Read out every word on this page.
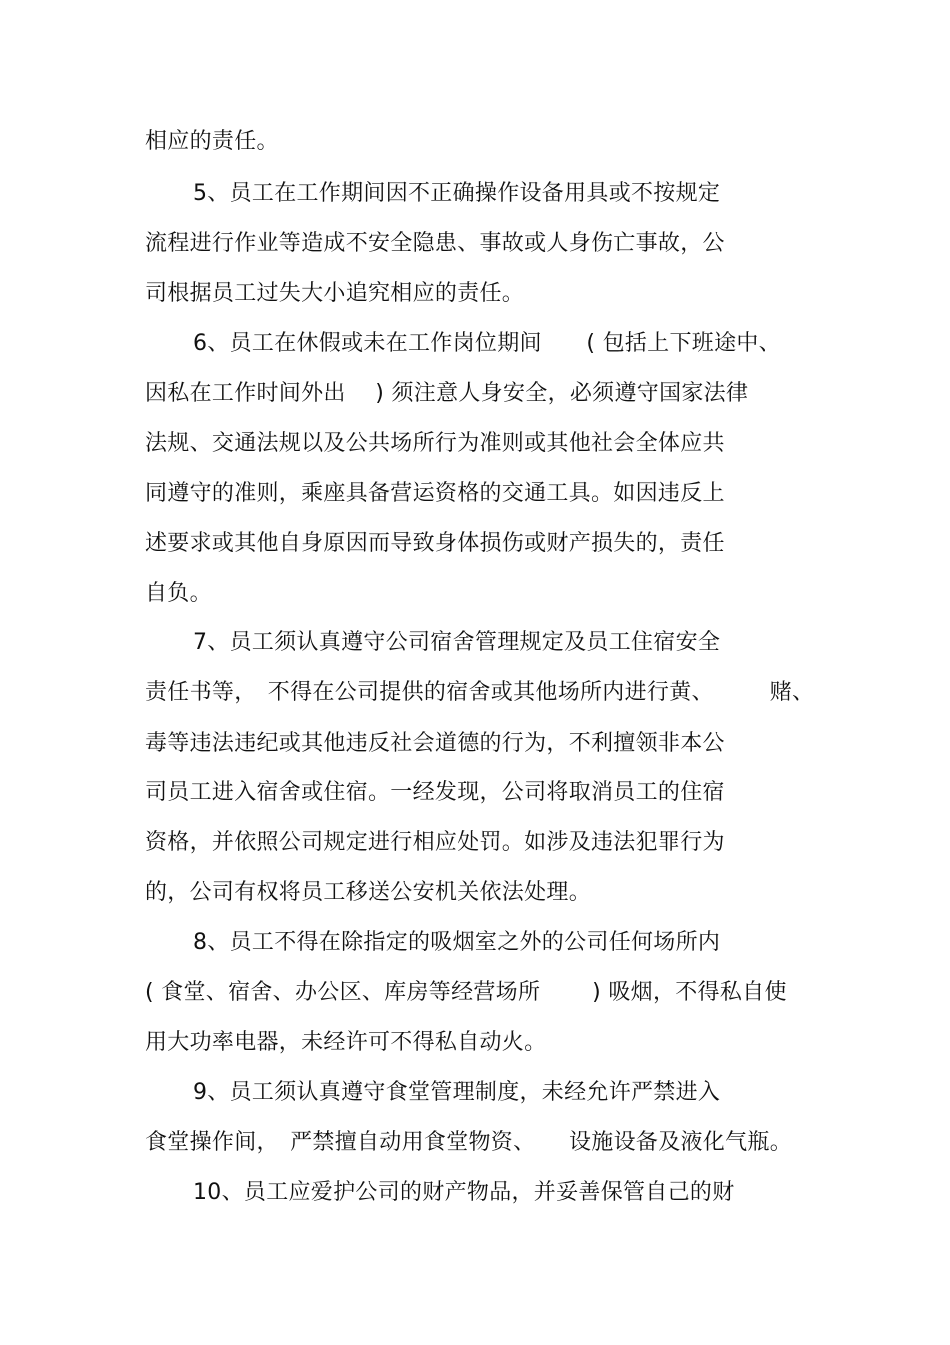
相应的责任。
5、员工在工作期间因不正确操作设备用具或不按规定
流程进行作业等造成不安全隐患、事故或人身伤亡事故，公
司根据员工过失大小追究相应的责任。
6、员工在休假或未在工作岗位期间　　( 包括上下班途中、
因私在工作时间外出　 ) 须注意人身安全，必须遵守国家法律
法规、交通法规以及公共场所行为准则或其他社会全体应共
同遵守的准则，乘座具备营运资格的交通工具。如因违反上
述要求或其他自身原因而导致身体损伤或财产损失的，责任
自负。
7、员工须认真遵守公司宿舍管理规定及员工住宿安全
责任书等，　不得在公司提供的宿舍或其他场所内进行黄、　　　赌、
毒等违法违纪或其他违反社会道德的行为，不利擅领非本公
司员工进入宿舍或住宿。一经发现，公司将取消员工的住宿
资格，并依照公司规定进行相应处罚。如涉及违法犯罪行为
的，公司有权将员工移送公安机关依法处理。
8、员工不得在除指定的吸烟室之外的公司任何场所内
( 食堂、宿舍、办公区、库房等经营场所　　 ) 吸烟，不得私自使
用大功率电器，未经许可不得私自动火。
9、员工须认真遵守食堂管理制度，未经允许严禁进入
食堂操作间，　严禁擅自动用食堂物资、　　设施设备及液化气瓶。
10、员工应爱护公司的财产物品，并妥善保管自己的财
